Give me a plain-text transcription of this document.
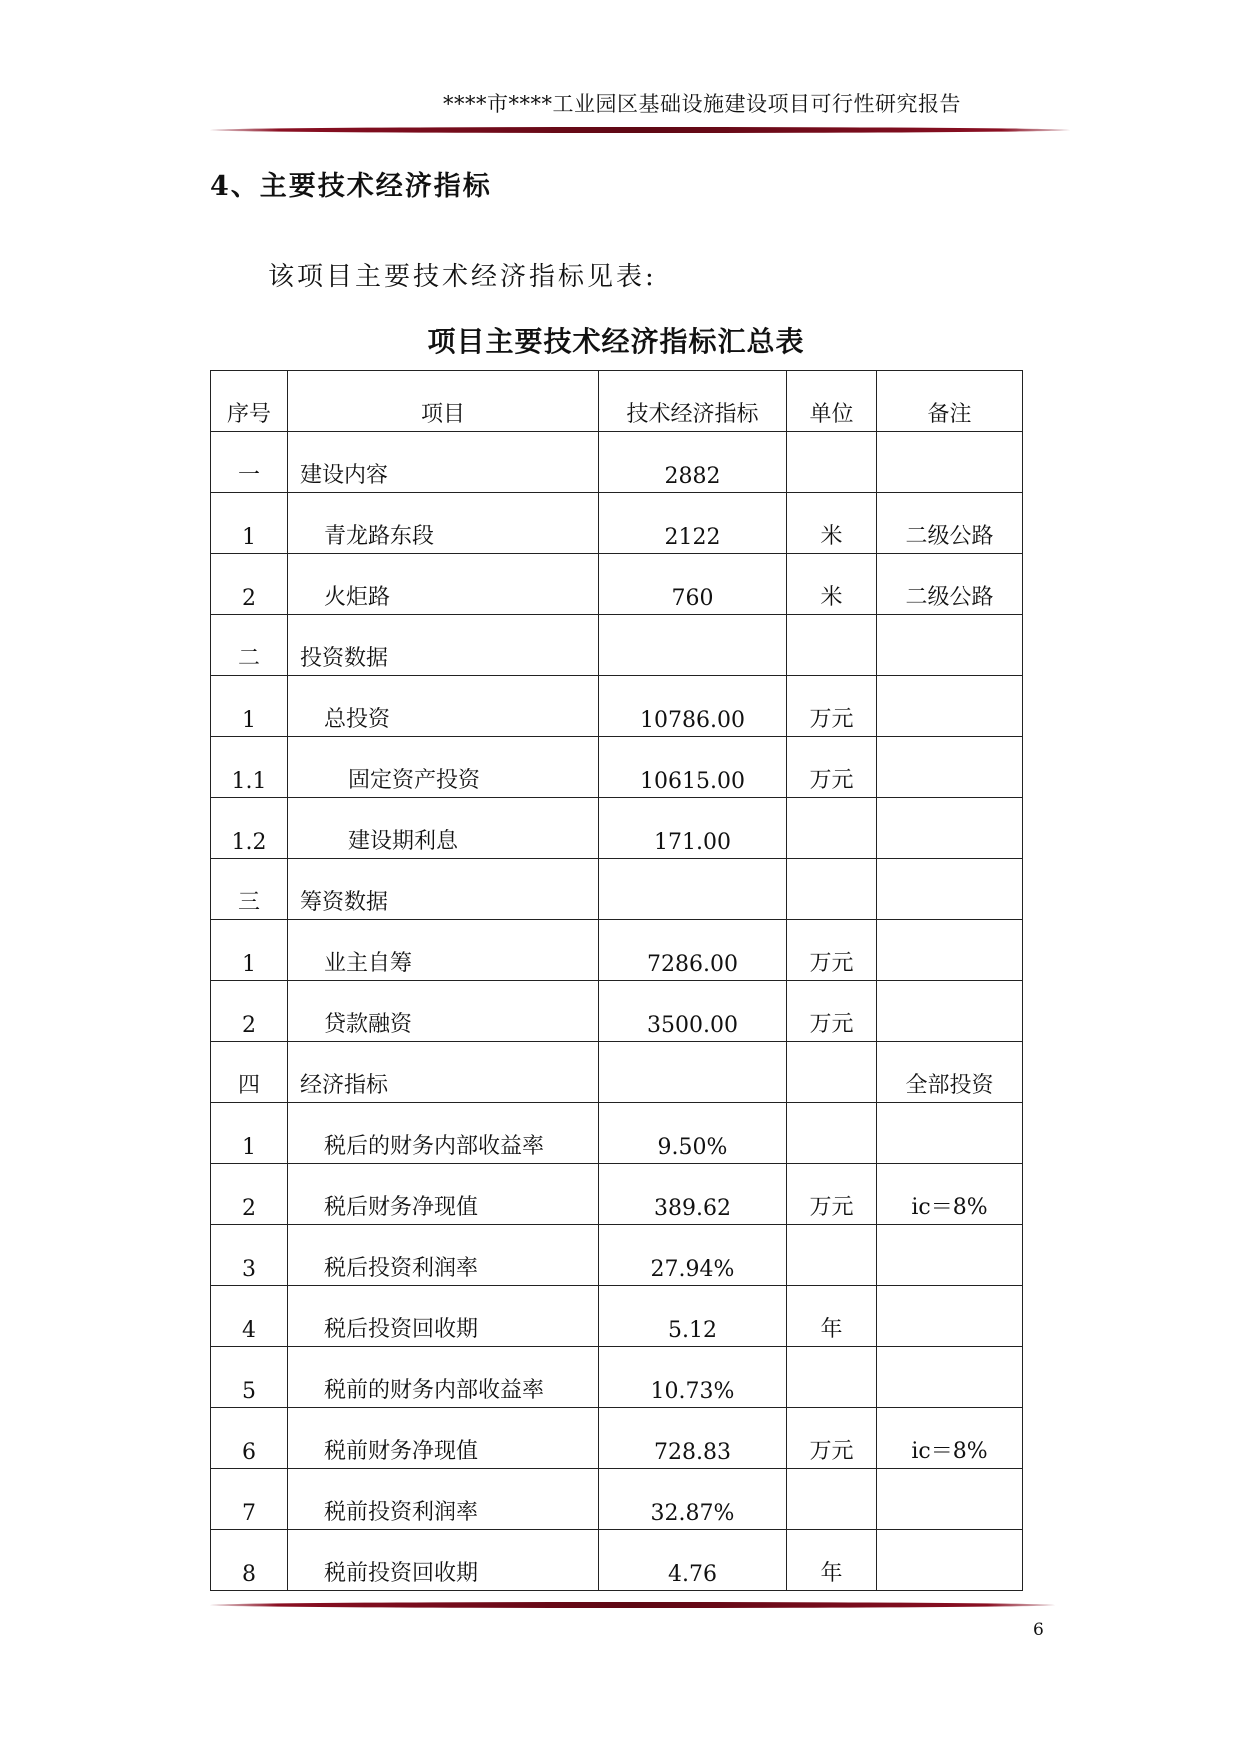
****市****工业园区基础设施建设项目可行性研究报告
4、主要技术经济指标
该项目主要技术经济指标见表:
项目主要技术经济指标汇总表
序号	项目	技术经济指标	单位	备注
一	建设内容	2882		
1	青龙路东段	2122	米	二级公路
2	火炬路	760	米	二级公路
二	投资数据			
1	总投资	10786.00	万元	
1.1	固定资产投资	10615.00	万元	
1.2	建设期利息	171.00		
三	筹资数据			
1	业主自筹	7286.00	万元	
2	贷款融资	3500.00	万元	
四	经济指标			全部投资
1	税后的财务内部收益率	9.50%		
2	税后财务净现值	389.62	万元	ic＝8%
3	税后投资利润率	27.94%		
4	税后投资回收期	5.12	年	
5	税前的财务内部收益率	10.73%		
6	税前财务净现值	728.83	万元	ic＝8%
7	税前投资利润率	32.87%		
8	税前投资回收期	4.76	年	
6
